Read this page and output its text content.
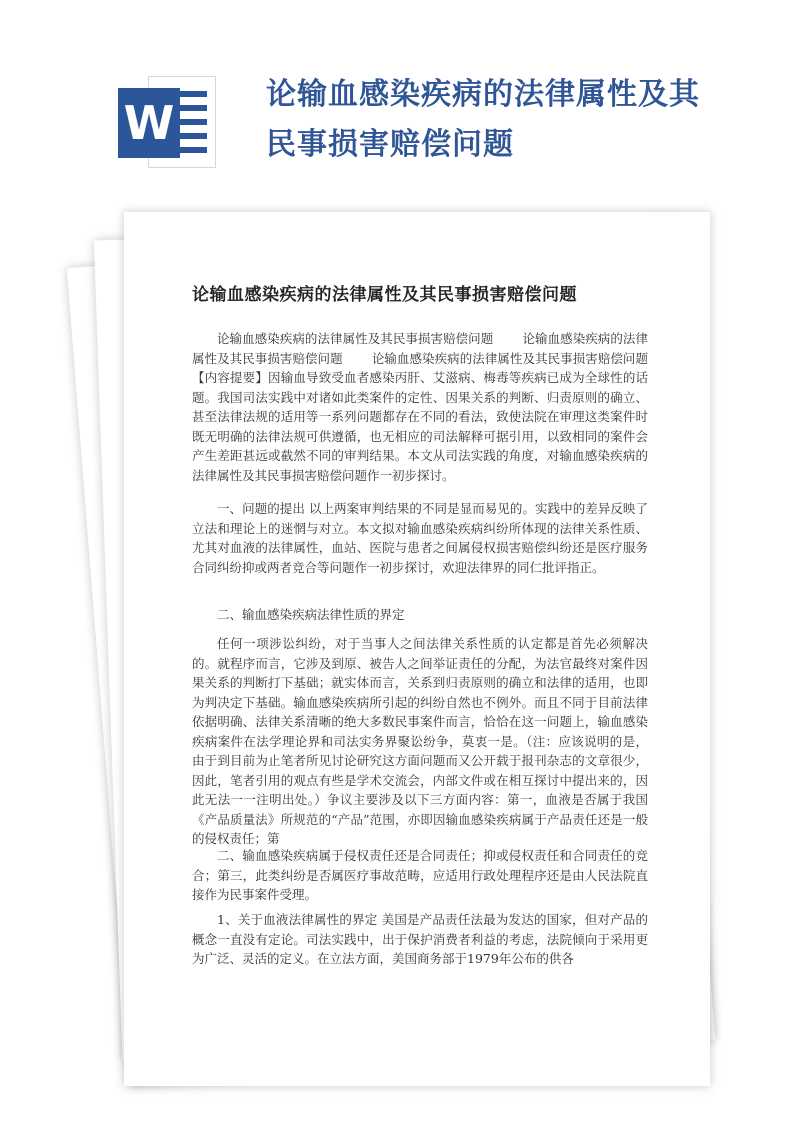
W
论输血感染疾病的法律属性及其民事损害赔偿问题
论输血感染疾病的法律属性及其民事损害赔偿问题

论输血感染疾病的法律属性及其民事损害赔偿问题 　　论输血感染疾病的法律属性及其民事损害赔偿问题 　　论输血感染疾病的法律属性及其民事损害赔偿问题【内容提要】因输血导致受血者感染丙肝、艾滋病、梅毒等疾病已成为全球性的话题。我国司法实践中对诸如此类案件的定性、因果关系的判断、归责原则的确立、甚至法律法规的适用等一系列问题都存在不同的看法，致使法院在审理这类案件时既无明确的法律法规可供遵循，也无相应的司法解释可据引用，以致相同的案件会产生差距甚远或截然不同的审判结果。本文从司法实践的角度，对输血感染疾病的法律属性及其民事损害赔偿问题作一初步探讨。

一、问题的提出 以上两案审判结果的不同是显而易见的。实践中的差异反映了立法和理论上的迷惘与对立。本文拟对输血感染疾病纠纷所体现的法律关系性质、尤其对血液的法律属性，血站、医院与患者之间属侵权损害赔偿纠纷还是医疗服务合同纠纷抑或两者竞合等问题作一初步探讨，欢迎法律界的同仁批评指正。

二、输血感染疾病法律性质的界定

任何一项涉讼纠纷，对于当事人之间法律关系性质的认定都是首先必须解决的。就程序而言，它涉及到原、被告人之间举证责任的分配，为法官最终对案件因果关系的判断打下基础；就实体而言，关系到归责原则的确立和法律的适用，也即为判决定下基础。输血感染疾病所引起的纠纷自然也不例外。而且不同于目前法律依据明确、法律关系清晰的绝大多数民事案件而言，恰恰在这一问题上，输血感染疾病案件在法学理论界和司法实务界聚讼纷争，莫衷一是。（注：应该说明的是，由于到目前为止笔者所见讨论研究这方面问题而又公开载于报刊杂志的文章很少，因此，笔者引用的观点有些是学术交流会，内部文件或在相互探讨中提出来的，因此无法一一注明出处。）争议主要涉及以下三方面内容：第一，血液是否属于我国《产品质量法》所规范的“产品”范围，亦即因输血感染疾病属于产品责任还是一般的侵权责任；第

二、输血感染疾病属于侵权责任还是合同责任；抑或侵权责任和合同责任的竞合；第三，此类纠纷是否属医疗事故范畴，应适用行政处理程序还是由人民法院直接作为民事案件受理。

1、关于血液法律属性的界定 美国是产品责任法最为发达的国家，但对产品的概念一直没有定论。司法实践中，出于保护消费者利益的考虑，法院倾向于采用更为广泛、灵活的定义。在立法方面，美国商务部于1979年公布的供各
